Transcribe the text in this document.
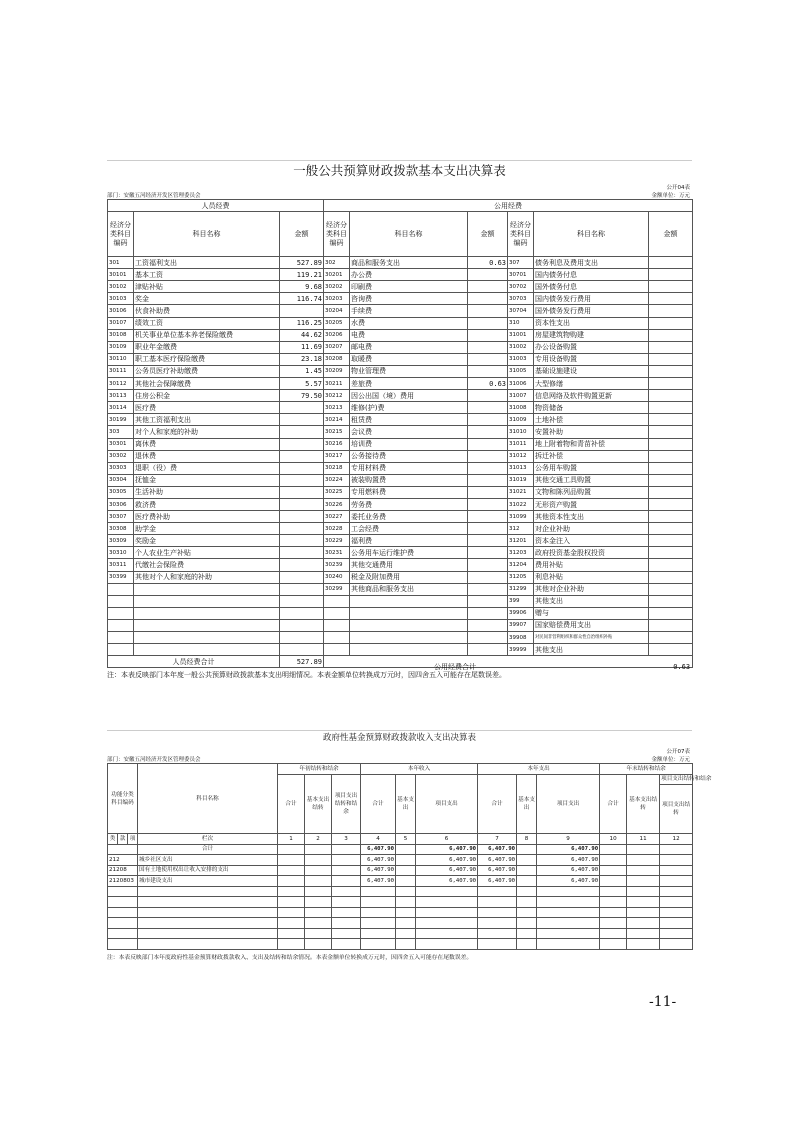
一般公共预算财政拨款基本支出决算表
公开04表
部门：安徽五河经济开发区管理委员会	金额单位：万元
人员经费			公用经费					
经济分类科目编码	科目名称	金额	经济分类科目编码	科目名称	金额	经济分类科目编码	科目名称	金额
301	工资福利支出	527.89	302	商品和服务支出	0.63	307	债务利息及费用支出	
30101	基本工资	119.21	30201	办公费		30701	国内债务付息	
30102	津贴补贴	9.68	30202	印刷费		30702	国外债务付息	
30103	奖金	116.74	30203	咨询费		30703	国内债务发行费用	
30106	伙食补助费		30204	手续费		30704	国外债务发行费用	
30107	绩效工资	116.25	30205	水费		310	资本性支出	
30108	机关事业单位基本养老保险缴费	44.62	30206	电费		31001	房屋建筑物购建	
30109	职业年金缴费	11.69	30207	邮电费		31002	办公设备购置	
30110	职工基本医疗保险缴费	23.18	30208	取暖费		31003	专用设备购置	
30111	公务员医疗补助缴费	1.45	30209	物业管理费		31005	基础设施建设	
30112	其他社会保障缴费	5.57	30211	差旅费	0.63	31006	大型修缮	
30113	住房公积金	79.50	30212	因公出国（境）费用		31007	信息网络及软件购置更新	
30114	医疗费		30213	维修(护)费		31008	物资储备	
30199	其他工资福利支出		30214	租赁费		31009	土地补偿	
303	对个人和家庭的补助		30215	会议费		31010	安置补助	
30301	离休费		30216	培训费		31011	地上附着物和青苗补偿	
30302	退休费		30217	公务接待费		31012	拆迁补偿	
30303	退职（役）费		30218	专用材料费		31013	公务用车购置	
30304	抚恤金		30224	被装购置费		31019	其他交通工具购置	
30305	生活补助		30225	专用燃料费		31021	文物和陈列品购置	
30306	救济费		30226	劳务费		31022	无形资产购置	
30307	医疗费补助		30227	委托业务费		31099	其他资本性支出	
30308	助学金		30228	工会经费		312	对企业补助	
30309	奖励金		30229	福利费		31201	资本金注入	
30310	个人农业生产补贴		30231	公务用车运行维护费		31203	政府投资基金股权投资	
30311	代缴社会保险费		30239	其他交通费用		31204	费用补贴	
30399	其他对个人和家庭的补助		30240	税金及附加费用		31205	利息补贴	
			30299	其他商品和服务支出		31299	其他对企业补助	
						399	其他支出	
						39906	赠与	
						39907	国家赔偿费用支出	
						39908	对民间非营利组织和群众性自治组织补贴	
						39999	其他支出	
人员经费合计		527.89	公用经费合计 0.63					
注：本表反映部门本年度一般公共预算财政拨款基本支出明细情况。本表金额单位转换成万元时，因四舍五入可能存在尾数误差。
政府性基金预算财政拨款收入支出决算表
公开07表
部门：安徽五河经济开发区管理委员会	金额单位：万元
功能分类科目编码			科目名称	年初结转和结余			本年收入			本年支出			年末结转和结余			
				合计	基本支出结转	项目支出结转和结余	合计	基本支出	项目支出	合计	基本支出	项目支出	合计	基本支出结转	项目支出结转和结余	
															项目支出结转	
类	款	项	栏次	1	2	3	4	5	6	7	8	9	10	11	12	
			合计				6,407.90		6,407.90	6,407.90		6,407.90				
212			城乡社区支出				6,407.90		6,407.90	6,407.90		6,407.90				
21208			国有土地使用权出让收入安排的支出				6,407.90		6,407.90	6,407.90		6,407.90				
2120803			城市建设支出				6,407.90		6,407.90	6,407.90		6,407.90				

注：本表反映部门本年度政府性基金预算财政拨款收入、支出及结转和结余情况。本表金额单位转换成万元时，因四舍五入可能存在尾数误差。
-11-
